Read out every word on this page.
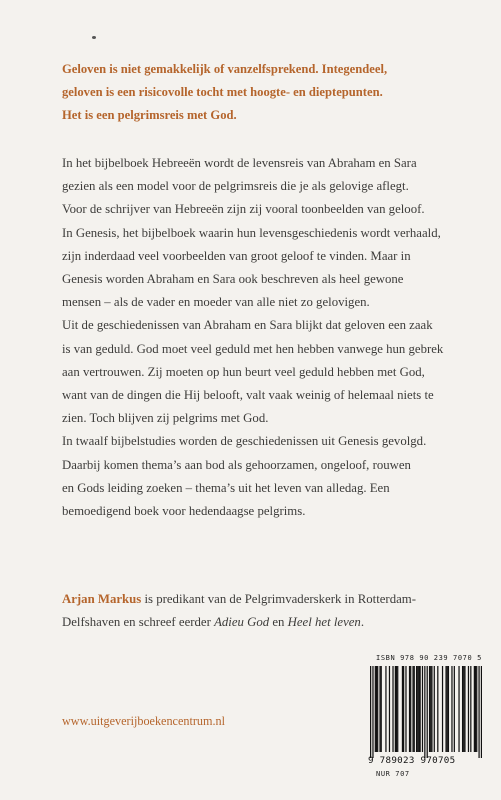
Geloven is niet gemakkelijk of vanzelfsprekend. Integendeel,
geloven is een risicovolle tocht met hoogte- en dieptepunten.
Het is een pelgrimsreis met God.
In het bijbelboek Hebreeën wordt de levensreis van Abraham en Sara
gezien als een model voor de pelgrimsreis die je als gelovige aflegt.
Voor de schrijver van Hebreeën zijn zij vooral toonbeelden van geloof.
In Genesis, het bijbelboek waarin hun levensgeschiedenis wordt verhaald,
zijn inderdaad veel voorbeelden van groot geloof te vinden. Maar in
Genesis worden Abraham en Sara ook beschreven als heel gewone
mensen – als de vader en moeder van alle niet zo gelovigen.
Uit de geschiedenissen van Abraham en Sara blijkt dat geloven een zaak
is van geduld. God moet veel geduld met hen hebben vanwege hun gebrek
aan vertrouwen. Zij moeten op hun beurt veel geduld hebben met God,
want van de dingen die Hij belooft, valt vaak weinig of helemaal niets te
zien. Toch blijven zij pelgrims met God.
In twaalf bijbelstudies worden de geschiedenissen uit Genesis gevolgd.
Daarbij komen thema’s aan bod als gehoorzamen, ongeloof, rouwen
en Gods leiding zoeken – thema’s uit het leven van alledag. Een
bemoedigend boek voor hedendaagse pelgrims.
Arjan Markus is predikant van de Pelgrimvaderskerk in Rotterdam-
Delfshaven en schreef eerder Adieu God en Heel het leven.
www.uitgeverijboekencentrum.nl
ISBN 978 90 239 7070 5
9 789023 970705
NUR 707
